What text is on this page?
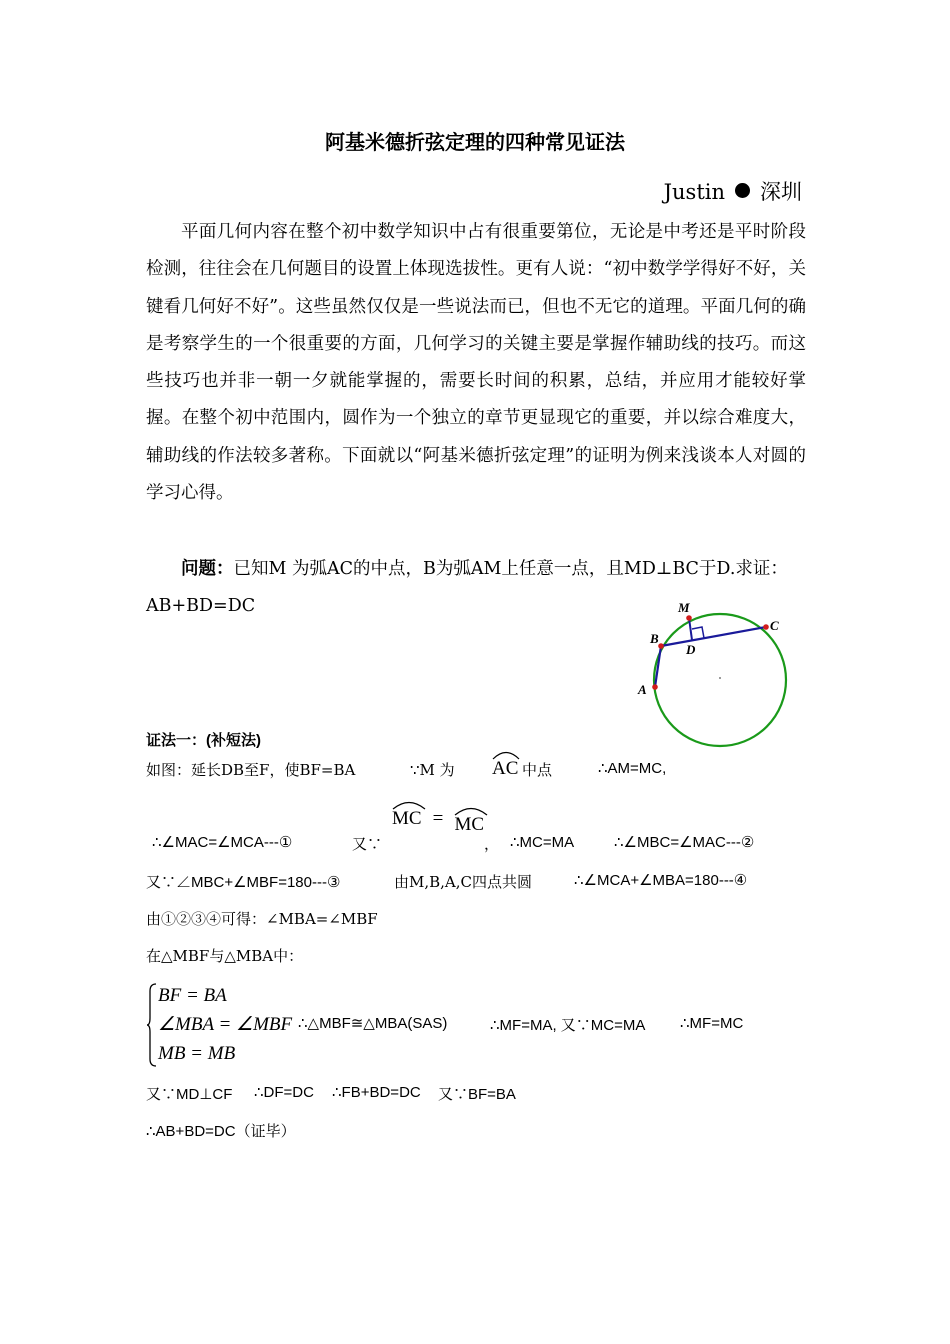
阿基米德折弦定理的四种常见证法
Justin 深圳

平面几何内容在整个初中数学知识中占有很重要第位，无论是中考还是平时阶段检测，往往会在几何题目的设置上体现选拔性。更有人说：“初中数学学得好不好，关键看几何好不好”。这些虽然仅仅是一些说法而已，但也不无它的道理。平面几何的确是考察学生的一个很重要的方面，几何学习的关键主要是掌握作辅助线的技巧。而这些技巧也并非一朝一夕就能掌握的，需要长时间的积累，总结，并应用才能较好掌握。在整个初中范围内，圆作为一个独立的章节更显现它的重要，并以综合难度大，辅助线的作法较多著称。下面就以“阿基米德折弦定理”的证明为例来浅谈本人对圆的学习心得。

问题：已知M 为弧AC的中点，B为弧AM上任意一点，且MD⊥BC于D.求证：

AB+BD=DC	M
C
B
D
A
证法一：(补短法)
如图：延长DB至F，使BF=BA	∵M 为 AC 中点	∴AM=MC,
∴∠MAC=∠MCA---①	又∵
MC = MC
， ∴MC=MA	∴∠MBC=∠MAC---②
又∵∠MBC+∠MBF=180---③	由M,B,A,C四点共圆	∴∠MCA+∠MBA=180---④
由①②③④可得：∠MBA=∠MBF
在△MBF与△MBA中：
BF = BA
∠MBA = ∠MBF
MB = MB
∴△MBF≅△MBA(SAS)	∴MF=MA, 又∵MC=MA ∴MF=MC
又∵MD⊥CF ∴DF=DC ∴FB+BD=DC 又∵BF=BA
∴AB+BD=DC（证毕）
